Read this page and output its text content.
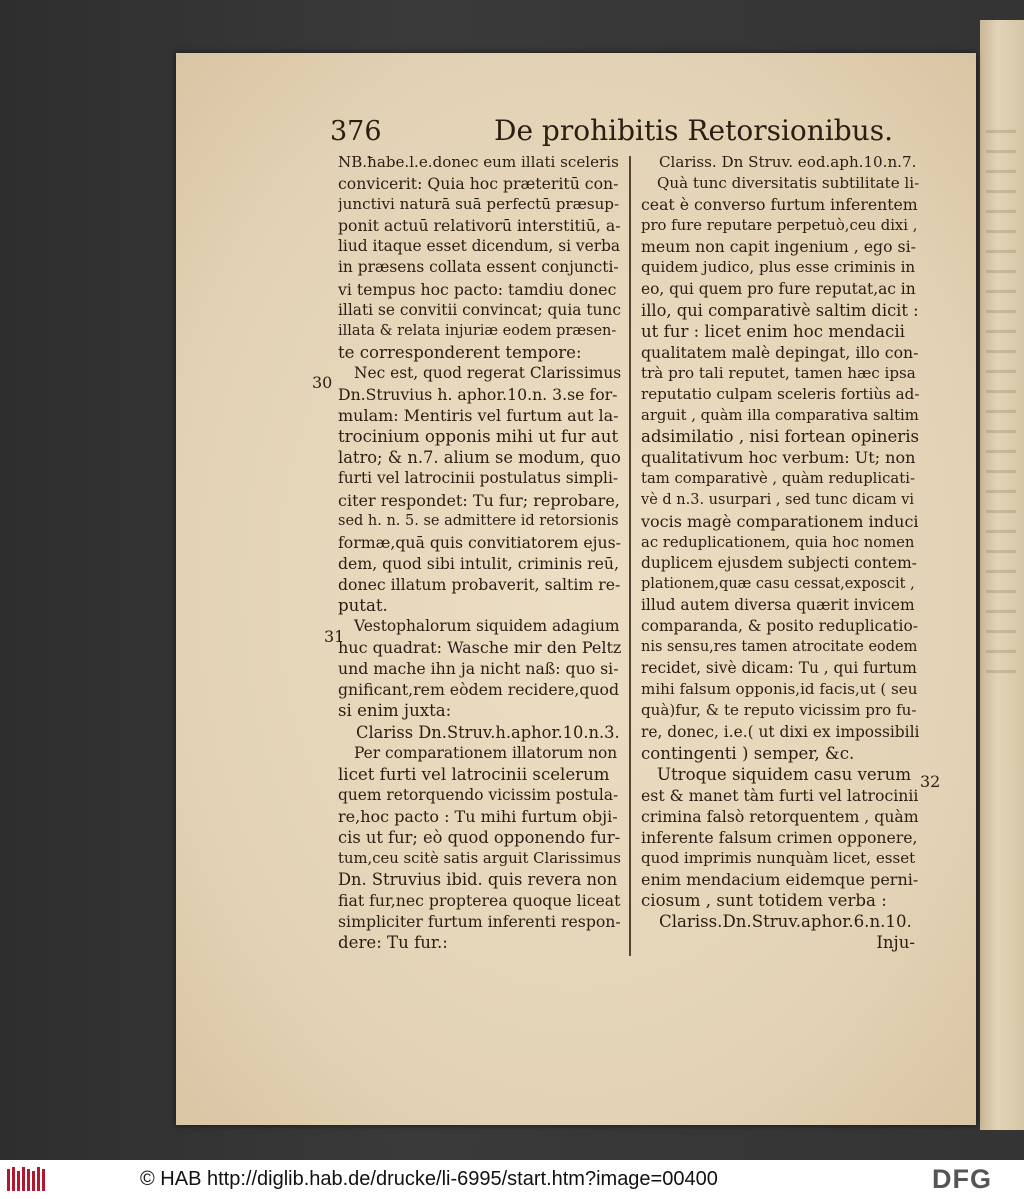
376	De prohibitis Retorsionibus.
30
31
32
NB.ħabe.l.e.donec eum illati sceleris
convicerit: Quia hoc præteritū con-
junctivi naturā suā perfectū præsup-
ponit actuū relativorū interstitiū, a-
liud itaque esset dicendum, si verba
in præsens collata essent conjuncti-
vi tempus hoc pacto: tamdiu donec
illati se convitii convincat; quia tunc
illata & relata injuriæ eodem præsen-
te corresponderent tempore:
Nec est, quod regerat Clarissimus
Dn.Struvius h. aphor.10.n. 3.se for-
mulam: Mentiris vel furtum aut la-
trocinium opponis mihi ut fur aut
latro; & n.7. alium se modum, quo
furti vel latrocinii postulatus simpli-
citer respondet: Tu fur; reprobare,
sed h. n. 5. se admittere id retorsionis
formæ,quā quis convitiatorem ejus-
dem, quod sibi intulit, criminis reū,
donec illatum probaverit, saltim re-
putat.
Vestophalorum siquidem adagium
huc quadrat: Wasche mir den Peltz
und mache ihn ja nicht naß: quo si-
gnificant,rem eòdem recidere,quod
si enim juxta:
Clariss Dn.Struv.h.aphor.10.n.3.
Per comparationem illatorum non
licet furti vel latrocinii scelerum
quem retorquendo vicissim postula-
re,hoc pacto : Tu mihi furtum obji-
cis ut fur; eò quod opponendo fur-
tum,ceu scitè satis arguit Clarissimus
Dn. Struvius ibid. quis revera non
fiat fur,nec propterea quoque liceat
simpliciter furtum inferenti respon-
dere: Tu fur.:
Clariss. Dn Struv. eod.aph.10.n.7.
Quà tunc diversitatis subtilitate li-
ceat è converso furtum inferentem
pro fure reputare perpetuò,ceu dixi ,
meum non capit ingenium , ego si-
quidem judico, plus esse criminis in
eo, qui quem pro fure reputat,ac in
illo, qui comparativè saltim dicit :
ut fur : licet enim hoc mendacii
qualitatem malè depingat, illo con-
trà pro tali reputet, tamen hæc ipsa
reputatio culpam sceleris fortiùs ad-
arguit , quàm illa comparativa saltim
adsimilatio , nisi fortean opineris
qualitativum hoc verbum: Ut; non
tam comparativè , quàm reduplicati-
vè d n.3. usurpari , sed tunc dicam vi
vocis magè comparationem induci
ac reduplicationem, quia hoc nomen
duplicem ejusdem subjecti contem-
plationem,quæ casu cessat,exposcit ,
illud autem diversa quærit invicem
comparanda, & posito reduplicatio-
nis sensu,res tamen atrocitate eodem
recidet, sivè dicam: Tu , qui furtum
mihi falsum opponis,id facis,ut ( seu
quà)fur, & te reputo vicissim pro fu-
re, donec, i.e.( ut dixi ex impossibili
contingenti ) semper, &c.
Utroque siquidem casu verum
est & manet tàm furti vel latrocinii
crimina falsò retorquentem , quàm
inferente falsum crimen opponere,
quod imprimis nunquàm licet, esset
enim mendacium eidemque perni-
ciosum , sunt totidem verba :
Clariss.Dn.Struv.aphor.6.n.10.
Inju-
© HAB http://diglib.hab.de/drucke/li-6995/start.htm?image=00400	DFG
